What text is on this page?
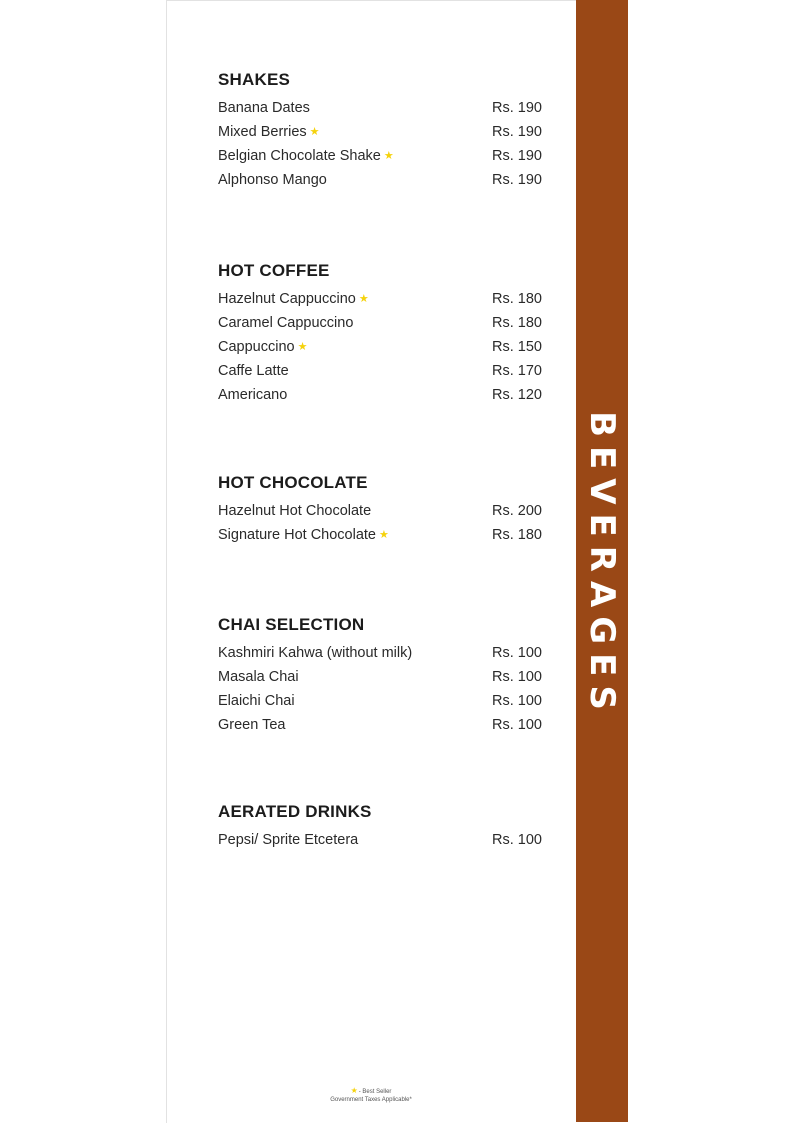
BEVERAGES
SHAKES
Banana Dates	Rs. 190
Mixed Berries ★	Rs. 190
Belgian Chocolate Shake ★	Rs. 190
Alphonso Mango	Rs. 190
HOT COFFEE
Hazelnut Cappuccino ★	Rs. 180
Caramel Cappuccino	Rs. 180
Cappuccino ★	Rs. 150
Caffe Latte	Rs. 170
Americano	Rs. 120
HOT CHOCOLATE
Hazelnut Hot Chocolate	Rs. 200
Signature Hot Chocolate ★	Rs. 180
CHAI SELECTION
Kashmiri Kahwa (without milk)	Rs. 100
Masala Chai	Rs. 100
Elaichi Chai	Rs. 100
Green Tea	Rs. 100
AERATED DRINKS
Pepsi/ Sprite Etcetera	Rs. 100
★- Best Seller
Government Taxes Applicable*
